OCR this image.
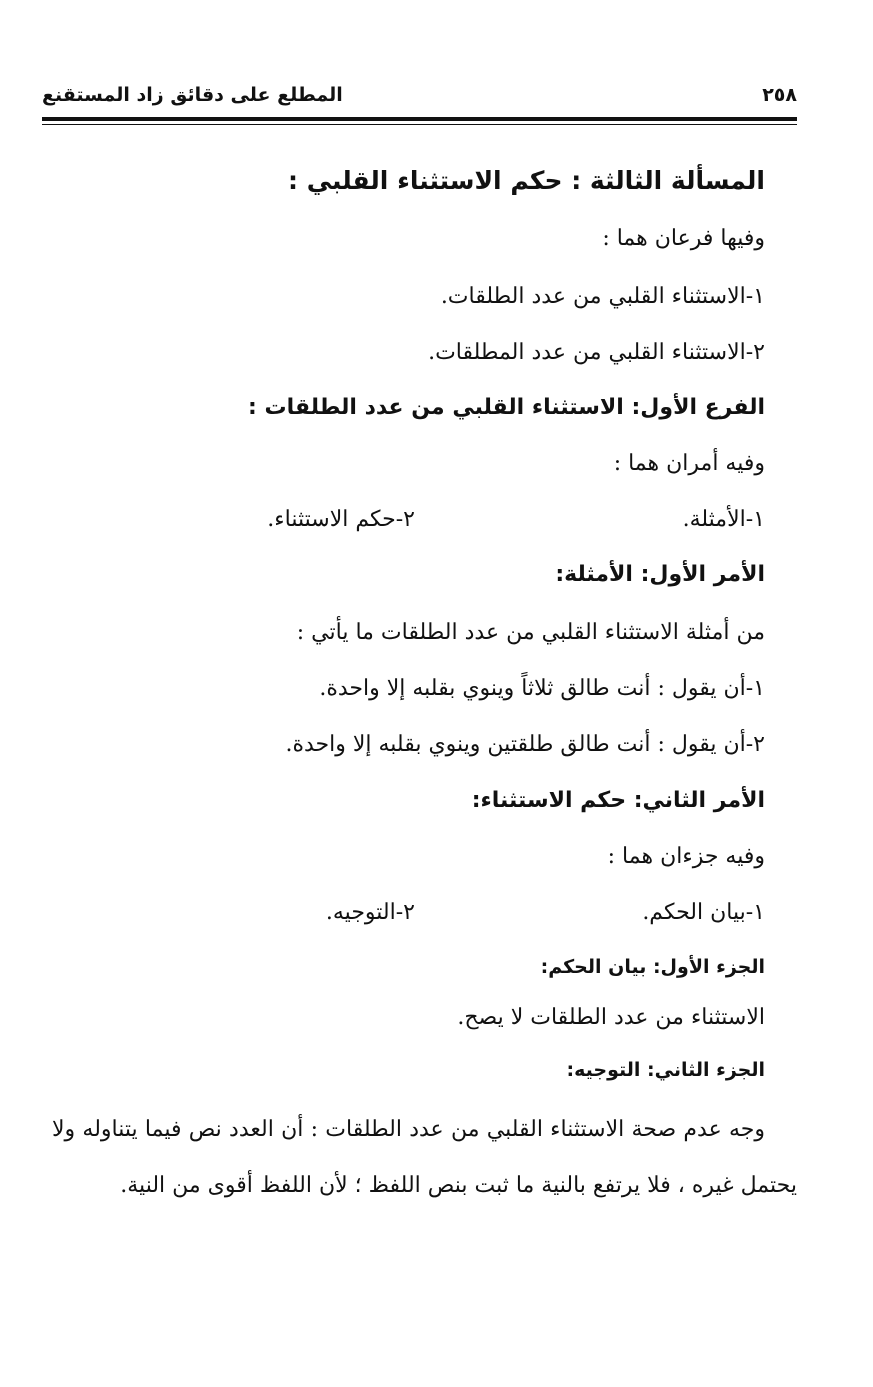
المطلع على دقائق زاد المستقنع	٢٥٨
المسألة الثالثة : حكم الاستثناء القلبي :
وفيها فرعان هما :
١-الاستثناء القلبي من عدد الطلقات.
٢-الاستثناء القلبي من عدد المطلقات.
الفرع الأول: الاستثناء القلبي من عدد الطلقات :
وفيه أمران هما :
١-الأمثلة.
٢-حكم الاستثناء.
الأمر الأول: الأمثلة:
من أمثلة الاستثناء القلبي من عدد الطلقات ما يأتي :
١-أن يقول : أنت طالق ثلاثاً وينوي بقلبه إلا واحدة.
٢-أن يقول : أنت طالق طلقتين وينوي بقلبه إلا واحدة.
الأمر الثاني: حكم الاستثناء:
وفيه جزءان هما :
١-بيان الحكم.
٢-التوجيه.
الجزء الأول: بيان الحكم:
الاستثناء من عدد الطلقات لا يصح.
الجزء الثاني: التوجيه:
وجه عدم صحة الاستثناء القلبي من عدد الطلقات : أن العدد نص فيما يتناوله ولا يحتمل غيره ، فلا يرتفع بالنية ما ثبت بنص اللفظ ؛ لأن اللفظ أقوى من النية.
